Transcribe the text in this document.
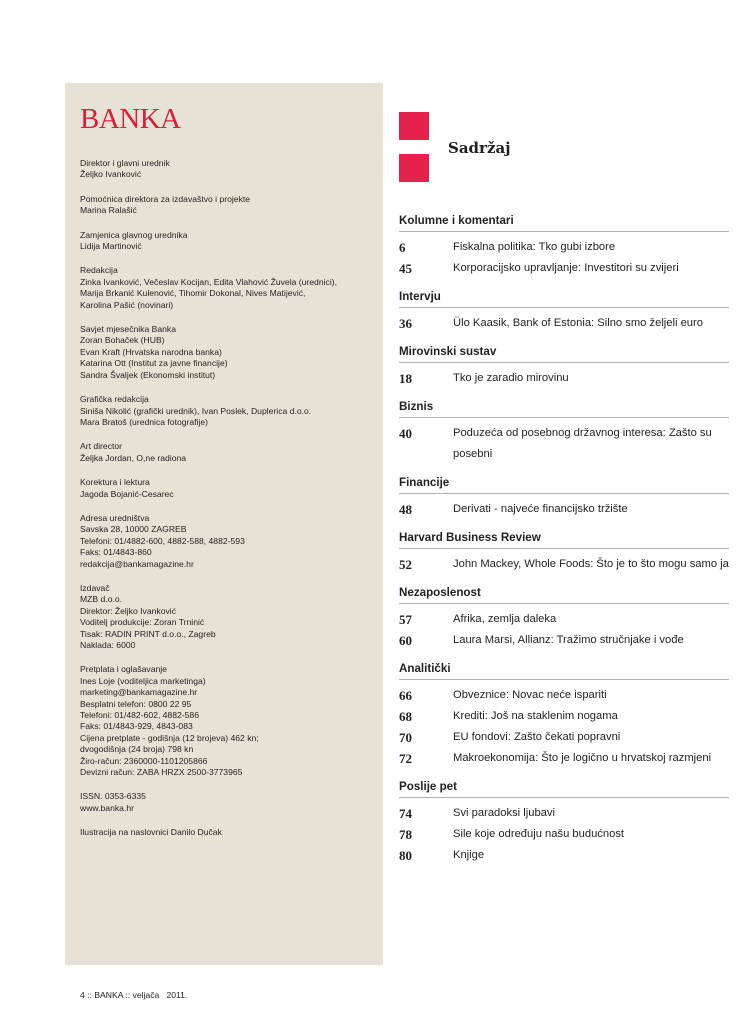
BANKA
Direktor i glavni urednik
Željko Ivanković
Pomoćnica direktora za izdavaštvo i projekte
Marina Ralašić
Zamjenica glavnog urednika
Lidija Martinović
Redakcija
Zinka Ivanković, Večeslav Kocijan, Edita Vlahović Žuvela (urednici),
Marija Brkanić Kulenović, Tihomir Dokonal, Nives Matijević,
Karolina Pašić (novinari)
Savjet mjesečnika Banka
Zoran Bohaček (HUB)
Evan Kraft (Hrvatska narodna banka)
Katarina Ott (Institut za javne financije)
Sandra Švaljek (Ekonomski institut)
Grafička redakcija
Siniša Nikolić (grafički urednik), Ivan Poslek, Duplerica d.o.o.
Mara Bratoš (urednica fotografije)
Art director
Željka Jordan, O,ne radiona
Korektura i lektura
Jagoda Bojanić-Cesarec
Adresa uredništva
Savska 28, 10000 ZAGREB
Telefoni: 01/4882-600, 4882-588, 4882-593
Faks: 01/4843-860
redakcija@bankamagazine.hr
Izdavač
MZB d.o.o.
Direktor: Željko Ivanković
Voditelj produkcije: Zoran Trninić
Tisak: RADIN PRINT d.o.o., Zagreb
Naklada: 6000
Pretplata i oglašavanje
Ines Loje (voditeljica marketinga)
marketing@bankamagazine.hr
Besplatni telefon: 0800 22 95
Telefoni: 01/482-602, 4882-586
Faks: 01/4843-929, 4843-083
Cijena pretplate - godišnja (12 brojeva) 462 kn;
dvogodišnja (24 broja) 798 kn
Žiro-račun: 2360000-1101205866
Devizni račun: ZABA HRZX 2500-3773965
ISSN. 0353-6335
www.banka.hr
Ilustracija na naslovnici Danilo Dučak
Sadržaj
Kolumne i komentari
6	Fiskalna politika: Tko gubi izbore
45	Korporacijsko upravljanje: Investitori su zvijeri
Intervju
36	Ülo Kaasik, Bank of Estonia: Silno smo željeli euro
Mirovinski sustav
18	Tko je zaradio mirovinu
Biznis
40	Poduzeća od posebnog državnog interesa: Zašto su posebni
Financije
48	Derivati - najveće financijsko tržište
Harvard Business Review
52	John Mackey, Whole Foods: Što je to što mogu samo ja
Nezaposlenost
57	Afrika, zemlja daleka
60	Laura Marsi, Allianz: Tražimo stručnjake i vođe
Analitički
66	Obveznice: Novac neće ispariti
68	Krediti: Još na staklenim nogama
70	EU fondovi: Zašto čekati popravni
72	Makroekonomija: Što je logično u hrvatskoj razmjeni
Poslije pet
74	Svi paradoksi ljubavi
78	Sile koje određuju našu budućnost
80	Knjige
4 :: BANKA :: veljača   2011.
